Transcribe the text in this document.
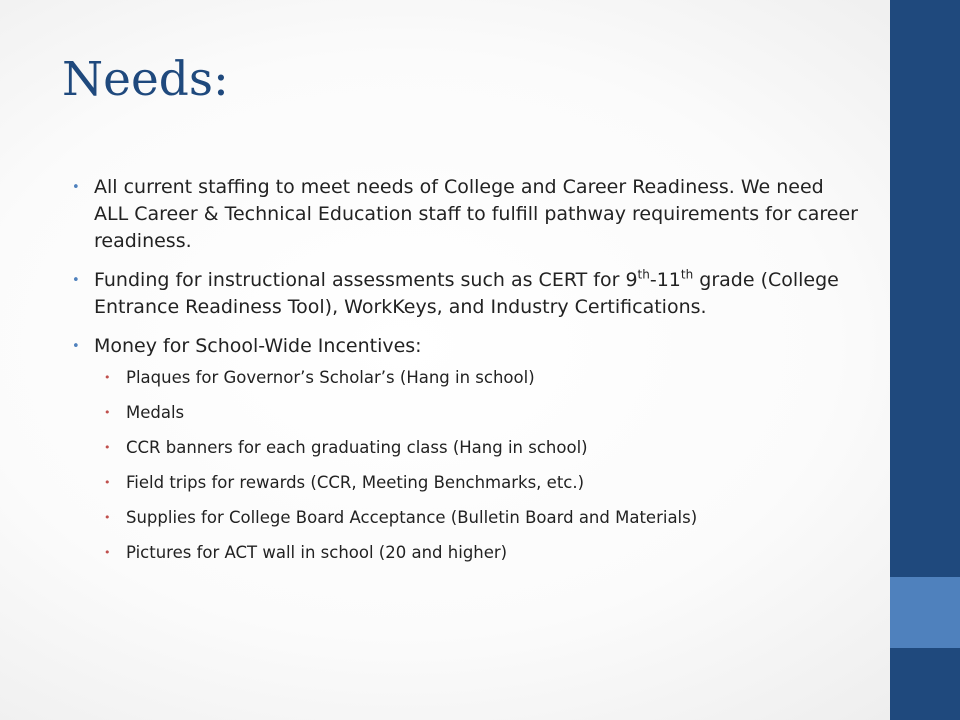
Needs:
• All current staffing to meet needs of College and Career Readiness. We need ALL Career & Technical Education staff to fulfill pathway requirements for career readiness.
• Funding for instructional assessments such as CERT for 9th-11th grade (College Entrance Readiness Tool), WorkKeys, and Industry Certifications.
• Money for School-Wide Incentives:
• Plaques for Governor’s Scholar’s (Hang in school)
• Medals
• CCR banners for each graduating class (Hang in school)
• Field trips for rewards (CCR, Meeting Benchmarks, etc.)
• Supplies for College Board Acceptance (Bulletin Board and Materials)
• Pictures for ACT wall in school (20 and higher)
